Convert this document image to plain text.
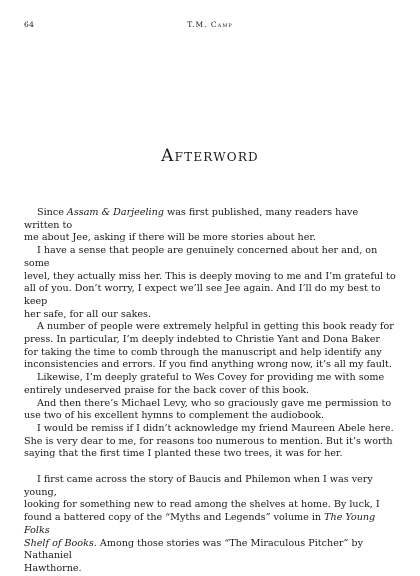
64	T.M. Camp
Afterword

Since Assam & Darjeeling was first published, many readers have written to
me about Jee, asking if there will be more stories about her.

I have a sense that people are genuinely concerned about her and, on some
level, they actually miss her. This is deeply moving to me and I’m grateful to
all of you. Don’t worry, I expect we’ll see Jee again. And I’ll do my best to keep
her safe, for all our sakes.

A number of people were extremely helpful in getting this book ready for
press. In particular, I’m deeply indebted to Christie Yant and Dona Baker
for taking the time to comb through the manuscript and help identify any
inconsistencies and errors. If you find anything wrong now, it’s all my fault.

Likewise, I’m deeply grateful to Wes Covey for providing me with some
entirely undeserved praise for the back cover of this book.

And then there’s Michael Levy, who so graciously gave me permission to
use two of his excellent hymns to complement the audiobook.

I would be remiss if I didn’t acknowledge my friend Maureen Abele here.
She is very dear to me, for reasons too numerous to mention. But it’s worth
saying that the first time I planted these two trees, it was for her.

I first came across the story of Baucis and Philemon when I was very young,
looking for something new to read among the shelves at home. By luck, I
found a battered copy of the “Myths and Legends” volume in The Young Folks
Shelf of Books. Among those stories was “The Miraculous Pitcher” by Nathaniel
Hawthorne.
